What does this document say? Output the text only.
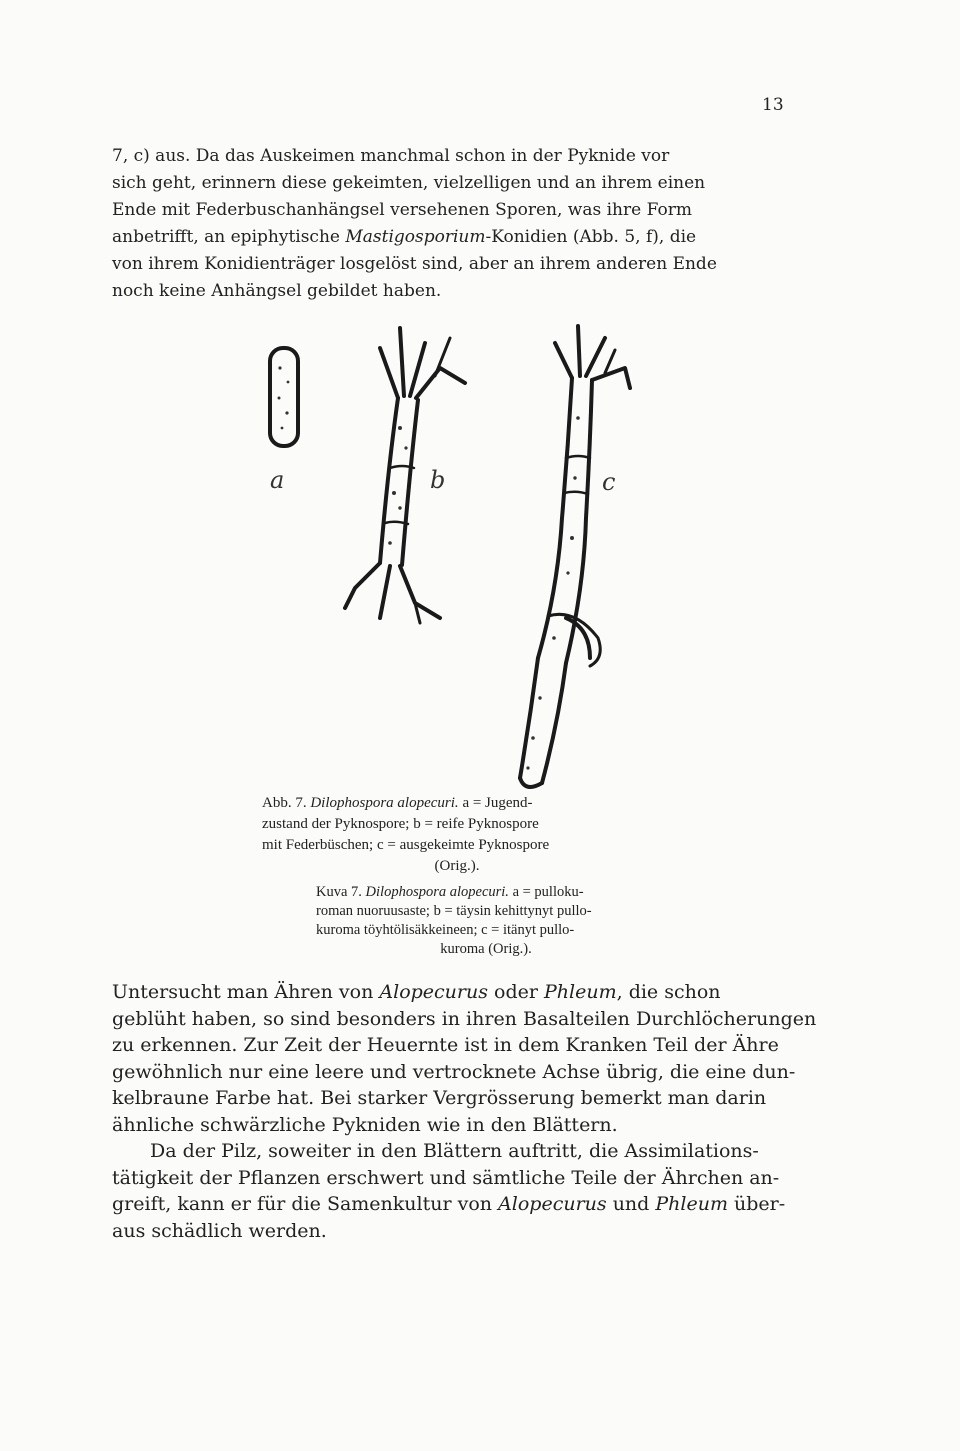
13

7, c) aus. Da das Auskeimen manchmal schon in der Pyknide vor
sich geht, erinnern diese gekeimten, vielzelligen und an ihrem einen
Ende mit Federbuschanhängsel versehenen Sporen, was ihre Form
anbetrifft, an epiphytische Mastigosporium-Konidien (Abb. 5, f), die
von ihrem Konidienträger losgelöst sind, aber an ihrem anderen Ende
noch keine Anhängsel gebildet haben.

a	b	c

Abb. 7. Dilophospora alopecuri. a = Jugend-
zustand der Pyknospore; b = reife Pyknospore
mit Federbüschen; c = ausgekeimte Pyknospore
(Orig.).

Kuva 7. Dilophospora alopecuri. a = pulloku-
roman nuoruusaste; b = täysin kehittynyt pullo-
kuroma töyhtölisäkkeineen; c = itänyt pullo-
kuroma (Orig.).

Untersucht man Ähren von Alopecurus oder Phleum, die schon
geblüht haben, so sind besonders in ihren Basalteilen Durchlöcherungen
zu erkennen. Zur Zeit der Heuernte ist in dem Kranken Teil der Ähre
gewöhnlich nur eine leere und vertrocknete Achse übrig, die eine dun-
kelbraune Farbe hat. Bei starker Vergrösserung bemerkt man darin
ähnliche schwärzliche Pykniden wie in den Blättern.
Da der Pilz, soweiter in den Blättern auftritt, die Assimilations-
tätigkeit der Pflanzen erschwert und sämtliche Teile der Ährchen an-
greift, kann er für die Samenkultur von Alopecurus und Phleum über-
aus schädlich werden.
